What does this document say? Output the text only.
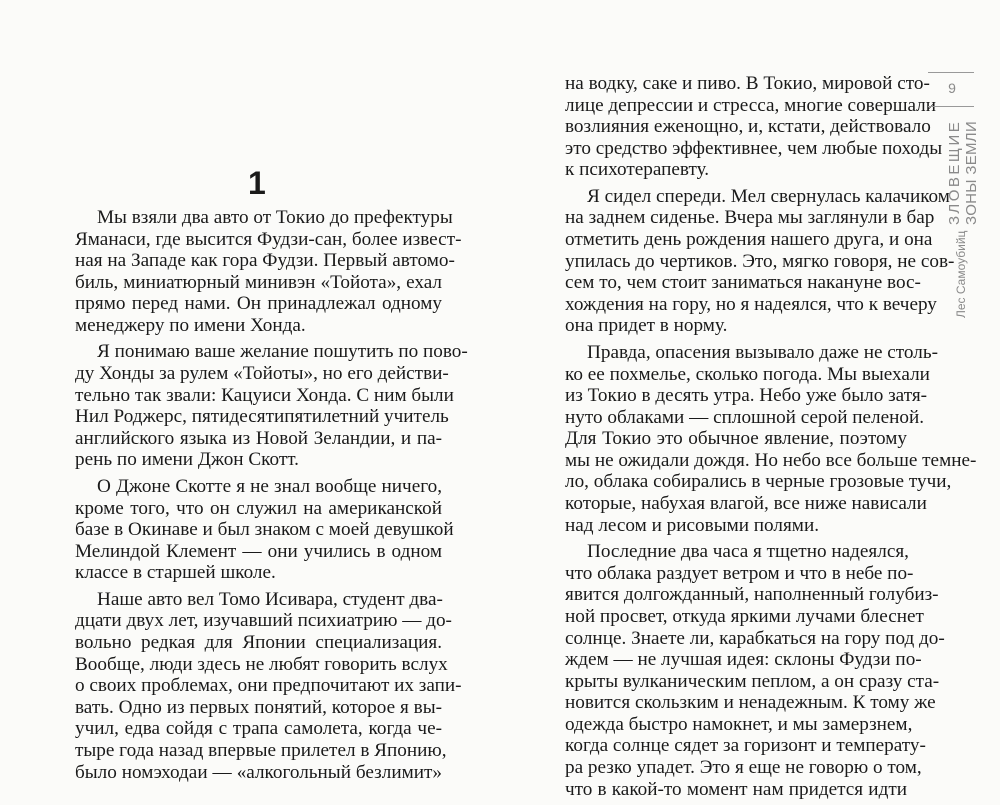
1
Мы взяли два авто от Токио до префектуры
Яманаси, где высится Фудзи-сан, более извест-
ная на Западе как гора Фудзи. Первый автомо-
биль, миниатюрный минивэн «Тойота», ехал
прямо перед нами. Он принадлежал одному
менеджеру по имени Хонда.
Я понимаю ваше желание пошутить по пово-
ду Хонды за рулем «Тойоты», но его действи-
тельно так звали: Кацуиси Хонда. С ним были
Нил Роджерс, пятидесятипятилетний учитель
английского языка из Новой Зеландии, и па-
рень по имени Джон Скотт.
О Джоне Скотте я не знал вообще ничего,
кроме того, что он служил на американской
базе в Окинаве и был знаком с моей девушкой
Мелиндой Клемент — они учились в одном
классе в старшей школе.
Наше авто вел Томо Исивара, студент два-
дцати двух лет, изучавший психиатрию — до-
вольно редкая для Японии специализация.
Вообще, люди здесь не любят говорить вслух
о своих проблемах, они предпочитают их запи-
вать. Одно из первых понятий, которое я вы-
учил, едва сойдя с трапа самолета, когда че-
тыре года назад впервые прилетел в Японию,
было номэходаи — «алкогольный безлимит»
на водку, саке и пиво. В Токио, мировой сто-
лице депрессии и стресса, многие совершали
возлияния еженощно, и, кстати, действовало
это средство эффективнее, чем любые походы
к психотерапевту.
Я сидел спереди. Мел свернулась калачиком
на заднем сиденье. Вчера мы заглянули в бар
отметить день рождения нашего друга, и она
упилась до чертиков. Это, мягко говоря, не сов-
сем то, чем стоит заниматься накануне вос-
хождения на гору, но я надеялся, что к вечеру
она придет в норму.
Правда, опасения вызывало даже не столь-
ко ее похмелье, сколько погода. Мы выехали
из Токио в десять утра. Небо уже было затя-
нуто облаками — сплошной серой пеленой.
Для Токио это обычное явление, поэтому
мы не ожидали дождя. Но небо все больше темне-
ло, облака собирались в черные грозовые тучи,
которые, набухая влагой, все ниже нависали
над лесом и рисовыми полями.
Последние два часа я тщетно надеялся,
что облака раздует ветром и что в небе по-
явится долгожданный, наполненный голубиз-
ной просвет, откуда яркими лучами блеснет
солнце. Знаете ли, карабкаться на гору под до-
ждем — не лучшая идея: склоны Фудзи по-
крыты вулканическим пеплом, а он сразу ста-
новится скользким и ненадежным. К тому же
одежда быстро намокнет, и мы замерзнем,
когда солнце сядет за горизонт и температу-
ра резко упадет. Это я еще не говорю о том,
что в какой-то момент нам придется идти
9
ЗЛОВЕЩИЕ ЗОНЫ ЗЕМЛИ
Лес Самоубийц
